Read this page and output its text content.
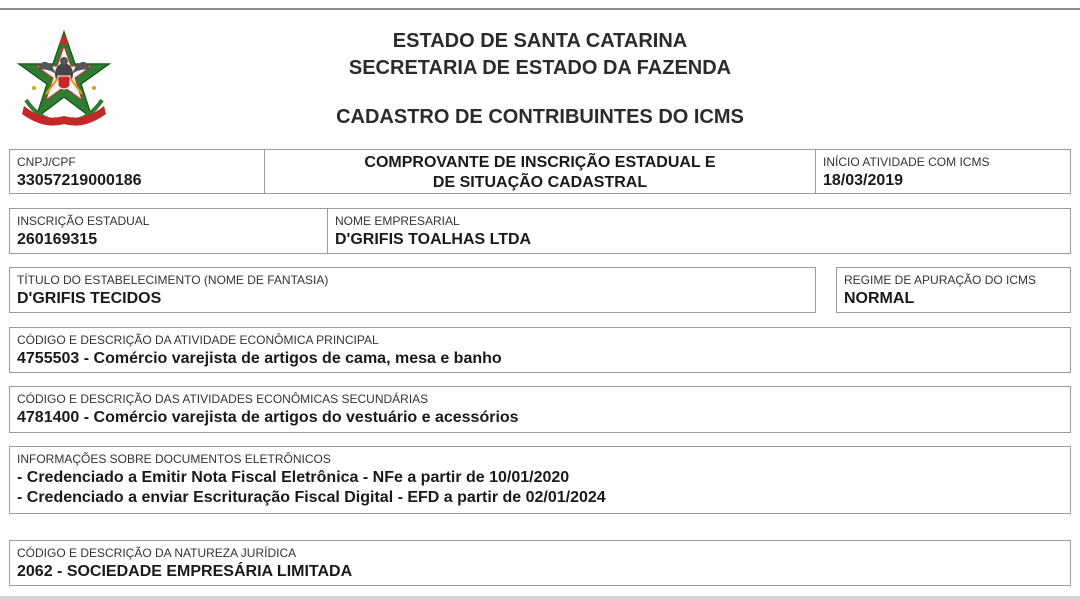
ESTADO DE SANTA CATARINA
SECRETARIA DE ESTADO DA FAZENDA
CADASTRO DE CONTRIBUINTES DO ICMS
CNPJ/CPF
33057219000186
COMPROVANTE DE INSCRIÇÃO ESTADUAL E
DE SITUAÇÃO CADASTRAL
INÍCIO ATIVIDADE COM ICMS
18/03/2019
INSCRIÇÃO ESTADUAL
260169315
NOME EMPRESARIAL
D'GRIFIS TOALHAS LTDA
TÍTULO DO ESTABELECIMENTO (NOME DE FANTASIA)
D'GRIFIS TECIDOS
REGIME DE APURAÇÃO DO ICMS
NORMAL
CÓDIGO E DESCRIÇÃO DA ATIVIDADE ECONÔMICA PRINCIPAL
4755503 - Comércio varejista de artigos de cama, mesa e banho
CÓDIGO E DESCRIÇÃO DAS ATIVIDADES ECONÔMICAS SECUNDÁRIAS
4781400 - Comércio varejista de artigos do vestuário e acessórios
INFORMAÇÕES SOBRE DOCUMENTOS ELETRÔNICOS
- Credenciado a Emitir Nota Fiscal Eletrônica - NFe a partir de 10/01/2020
- Credenciado a enviar Escrituração Fiscal Digital - EFD a partir de 02/01/2024
CÓDIGO E DESCRIÇÃO DA NATUREZA JURÍDICA
2062 - SOCIEDADE EMPRESÁRIA LIMITADA
